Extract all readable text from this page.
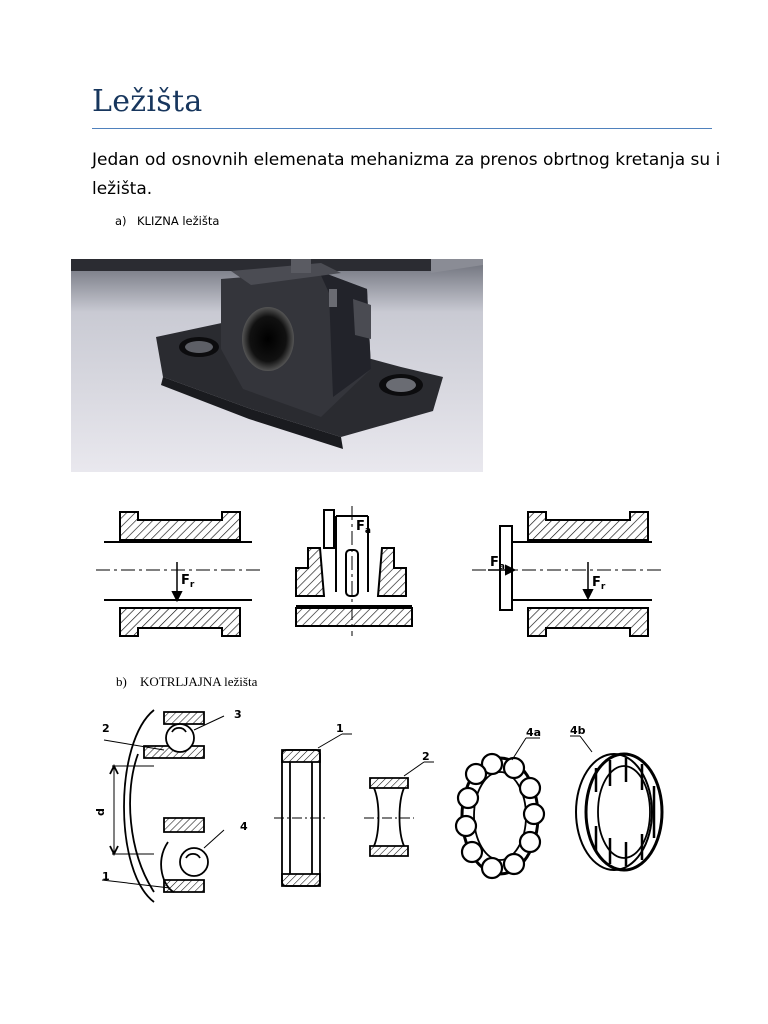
Ležišta
Jedan od osnovnih elemenata mehanizma za prenos obrtnog kretanja su i ležišta.
a) KLIZNA ležišta
$F_r$
$F_a$
$F_a$
$F_r$
b) KOTRLJAJNA ležišta
2
3
d
4
1
1
2
4a	4b
